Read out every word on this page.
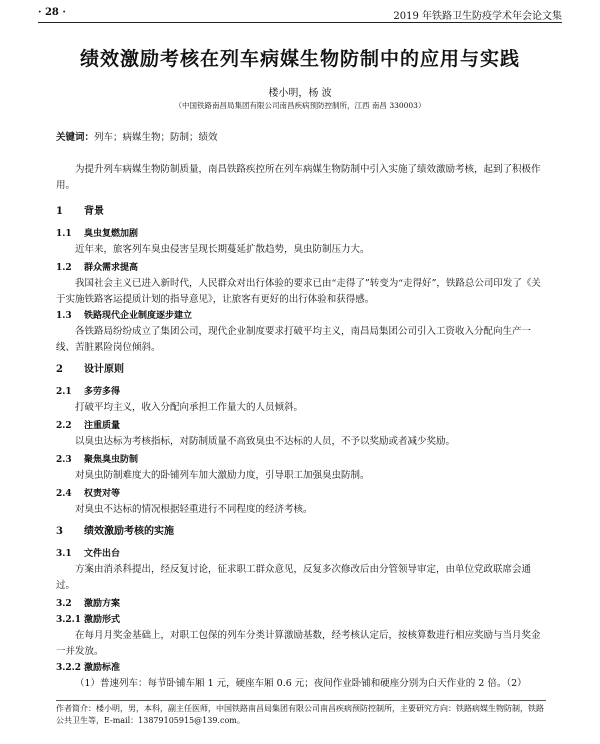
· 28 ·	2019 年铁路卫生防疫学术年会论文集
绩效激励考核在列车病媒生物防制中的应用与实践
楼小明，杨 波
（中国铁路南昌局集团有限公司南昌疾病预防控制所，江西 南昌 330003）
关键词：列车；病媒生物；防制；绩效
为提升列车病媒生物防制质量，南昌铁路疾控所在列车病媒生物防制中引入实施了绩效激励考核，起到了积极作用。
1 背景
1.1 臭虫复燃加剧
近年来，旅客列车臭虫侵害呈现长期蔓延扩散趋势，臭虫防制压力大。
1.2 群众需求提高
我国社会主义已进入新时代，人民群众对出行体验的要求已由“走得了”转变为“走得好”，铁路总公司印发了《关于实施铁路客运提质计划的指导意见》，让旅客有更好的出行体验和获得感。
1.3 铁路现代企业制度逐步建立
各铁路局纷纷成立了集团公司，现代企业制度要求打破平均主义，南昌局集团公司引入工资收入分配向生产一线、苦脏累险岗位倾斜。
2 设计原则
2.1 多劳多得
打破平均主义，收入分配向承担工作量大的人员倾斜。
2.2 注重质量
以臭虫达标为考核指标，对防制质量不高致臭虫不达标的人员，不予以奖励或者减少奖励。
2.3 聚焦臭虫防制
对臭虫防制难度大的卧铺列车加大激励力度，引导职工加强臭虫防制。
2.4 权责对等
对臭虫不达标的情况根据轻重进行不同程度的经济考核。
3 绩效激励考核的实施
3.1 文件出台
方案由消杀科提出，经反复讨论，征求职工群众意见，反复多次修改后由分管领导审定，由单位党政联席会通过。
3.2 激励方案
3.2.1 激励形式
在每月月奖金基础上，对职工包保的列车分类计算激励基数，经考核认定后，按核算数进行相应奖励与当月奖金一并发放。
3.2.2 激励标准
（1）普速列车：每节卧铺车厢 1 元，硬座车厢 0.6 元；夜间作业卧铺和硬座分别为白天作业的 2 倍。（2）
作者简介：楼小明，男，本科，副主任医师，中国铁路南昌局集团有限公司南昌疾病预防控制所，主要研究方向：铁路病媒生物防制，铁路公共卫生等，E-mail：13879105915@139.com。
